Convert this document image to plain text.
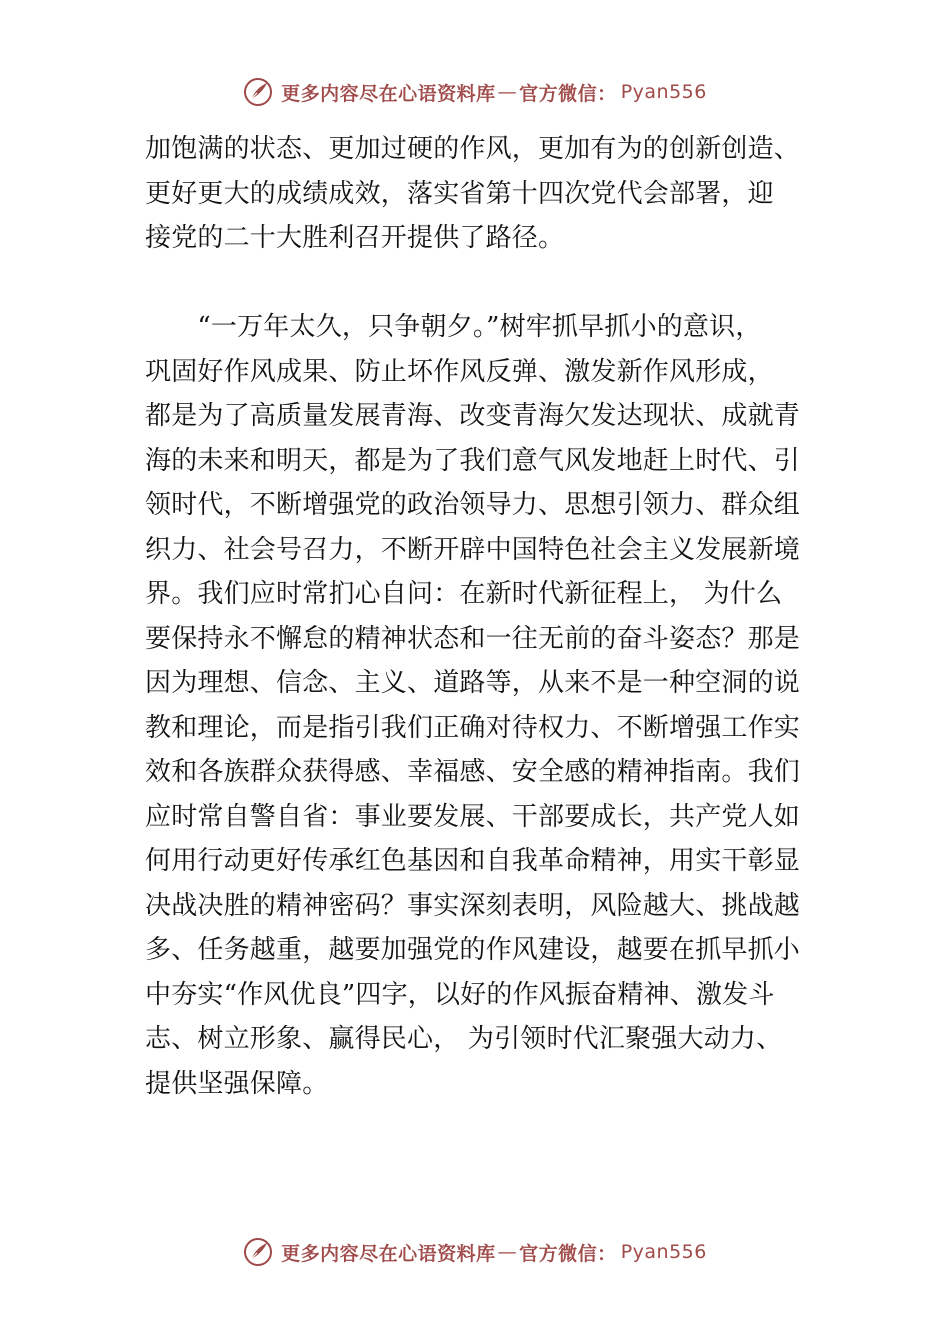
更多内容尽在心语资料库 — 官方微信： Pyan556
加饱满的状态、更加过硬的作风，更加有为的创新创造、
更好更大的成绩成效，落实省第十四次党代会部署，迎
接党的二十大胜利召开提供了路径。
　　“一万年太久，只争朝夕。”树牢抓早抓小的意识，
巩固好作风成果、防止坏作风反弹、激发新作风形成，
都是为了高质量发展青海、改变青海欠发达现状、成就青
海的未来和明天，都是为了我们意气风发地赶上时代、引
领时代，不断增强党的政治领导力、思想引领力、群众组
织力、社会号召力，不断开辟中国特色社会主义发展新境
界。我们应时常扪心自问：在新时代新征程上， 为什么
要保持永不懈怠的精神状态和一往无前的奋斗姿态？那是
因为理想、信念、主义、道路等，从来不是一种空洞的说
教和理论，而是指引我们正确对待权力、不断增强工作实
效和各族群众获得感、幸福感、安全感的精神指南。我们
应时常自警自省：事业要发展、干部要成长，共产党人如
何用行动更好传承红色基因和自我革命精神，用实干彰显
决战决胜的精神密码？事实深刻表明，风险越大、挑战越
多、任务越重，越要加强党的作风建设，越要在抓早抓小
中夯实“作风优良”四字，以好的作风振奋精神、激发斗
志、树立形象、赢得民心， 为引领时代汇聚强大动力、
提供坚强保障。
更多内容尽在心语资料库 — 官方微信： Pyan556
